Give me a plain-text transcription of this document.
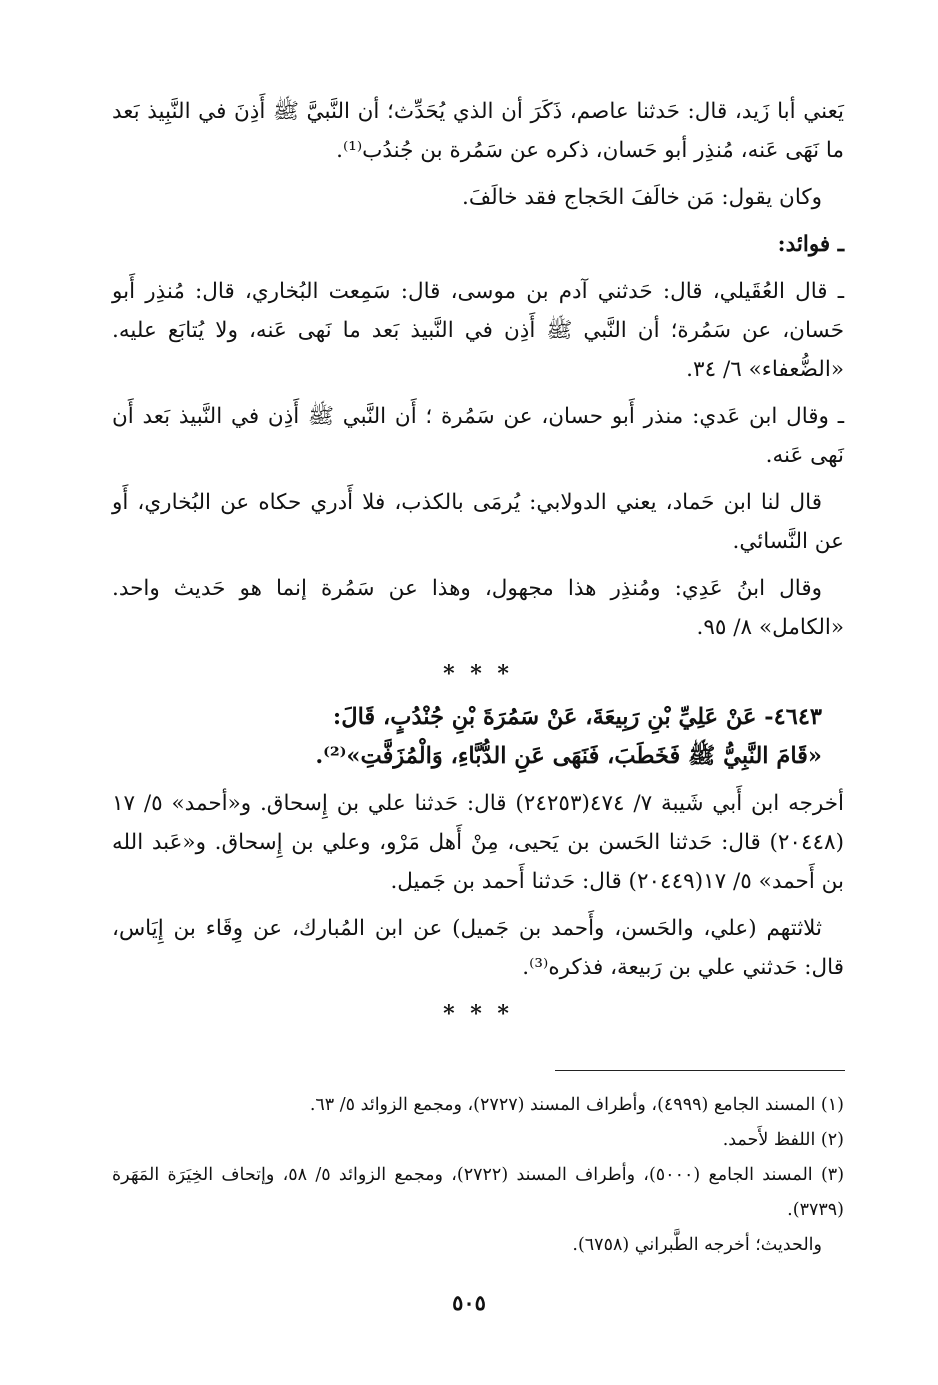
يَعني أبا زَيد، قال: حَدثنا عاصم، ذَكَرَ أن الذي يُحَدِّث؛ أن النَّبيَّ ﷺ أَذِنَ في النَّبِيذ بَعد ما نَهَى عَنه، مُنذِر أبو حَسان، ذكره عن سَمُرة بن جُندُب⁽¹⁾.

وكان يقول: مَن خالَفَ الحَجاج فقد خالَفَ.

ـ فوائد:

ـ قال العُقَيلي، قال: حَدثني آدم بن موسى، قال: سَمِعت البُخاري، قال: مُنذِر أَبو حَسان، عن سَمُرة؛ أن النَّبي ﷺ أَذِن في النَّبيذ بَعد ما نَهى عَنه، ولا يُتابَع عليه. «الضُّعفاء» ٦/ ٣٤.

ـ وقال ابن عَدي: منذر أَبو حسان، عن سَمُرة ؛ أَن النَّبي ﷺ أَذِن في النَّبيذ بَعد أَن نَهى عَنه.

قال لنا ابن حَماد، يعني الدولابي: يُرمَى بالكذب، فلا أَدري حكاه عن البُخاري، أَو عن النَّسائي.

وقال ابنُ عَدِي: ومُنذِر هذا مجهول، وهذا عن سَمُرة إنما هو حَديث واحد. «الكامل» ٨/ ٩٥.

* * *

٤٦٤٣- عَنْ عَلِيِّ بْنِ رَبِيعَةَ، عَنْ سَمُرَةَ بْنِ جُنْدُبٍ، قَالَ:

«قَامَ النَّبِيُّ ﷺ فَخَطَبَ، فَنَهَى عَنِ الدُّبَّاءِ، وَالْمُزَفَّتِ»⁽²⁾.

أخرجه ابن أَبي شَيبة ٧/ ٤٧٤(٢٤٢٥٣) قال: حَدثنا علي بن إِسحاق. و«أحمد» ٥/ ١٧ (٢٠٤٤٨) قال: حَدثنا الحَسن بن يَحيى، مِنْ أَهل مَرْو، وعلي بن إِسحاق. و«عَبد الله بن أَحمد» ٥/ ١٧(٢٠٤٤٩) قال: حَدثنا أَحمد بن جَميل.

ثلاثتهم (علي، والحَسن، وأَحمد بن جَميل) عن ابن المُبارك، عن وِقَاء بن إِيَاس، قال: حَدثني علي بن رَبيعة، فذكره⁽³⁾.

* * *

(١) المسند الجامع (٤٩٩٩)، وأطراف المسند (٢٧٢٧)، ومجمع الزوائد ٥/ ٦٣.

(٢) اللفظ لأَحمد.

(٣) المسند الجامع (٥٠٠٠)، وأطراف المسند (٢٧٢٢)، ومجمع الزوائد ٥/ ٥٨، وإتحاف الخِيَرَة المَهَرة (٣٧٣٩).

والحديث؛ أخرجه الطَّبراني (٦٧٥٨).

٥٠٥
